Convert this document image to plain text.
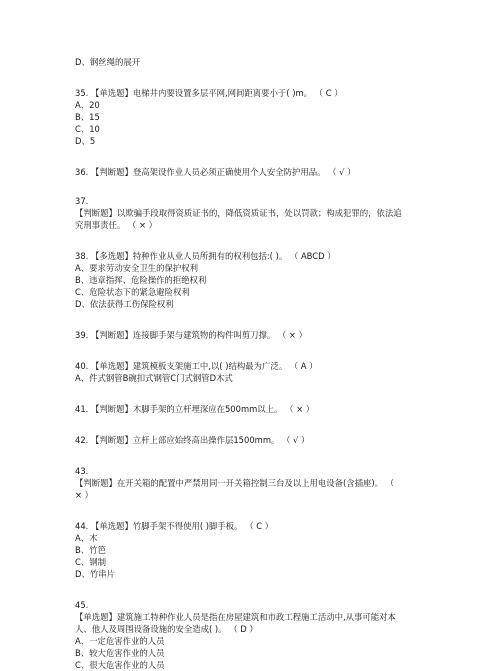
D、钢丝绳的展开
35. 【单选题】电梯井内要设置多层平网,网间距离要小于( )m。 （ C ）
A、20
B、15
C、10
D、5
36. 【判断题】登高架设作业人员必须正确使用个人安全防护用品。 （ √ ）
37.
【判断题】以欺骗手段取得资质证书的，降低资质证书，处以罚款；构成犯罪的，依法追
究刑事责任。 （ × ）
38. 【多选题】特种作业从业人员所拥有的权利包括:( )。 （ ABCD ）
A、要求劳动安全卫生的保护权利
B、违章指挥、危险操作的拒绝权利
C、危险状态下的紧急避险权利
D、依法获得工伤保险权利
39. 【判断题】连接脚手架与建筑物的构件叫剪刀撑。 （ × ）
40. 【单选题】建筑模板支架施工中,以( )结构最为广泛。 （ A ）
A、件式钢管B碗扣式钢管C门式钢管D木式
41. 【判断题】木脚手架的立杆埋深应在500mm以上。 （ × ）
42. 【判断题】立杆上部应始终高出操作层1500mm。 （ √ ）
43.
【判断题】在开关箱的配置中严禁用同一开关箱控制三台及以上用电设备(含插座)。 （
× ）
44. 【单选题】竹脚手架不得使用( )脚手板。 （ C ）
A、木
B、竹笆
C、钢制
D、竹串片
45.
【单选题】建筑施工特种作业人员是指在房屋建筑和市政工程施工活动中,从事可能对本
人、他人及周围设备设施的安全造成( )。 （ D ）
A、一定危害作业的人员
B、较大危害作业的人员
C、很大危害作业的人员
